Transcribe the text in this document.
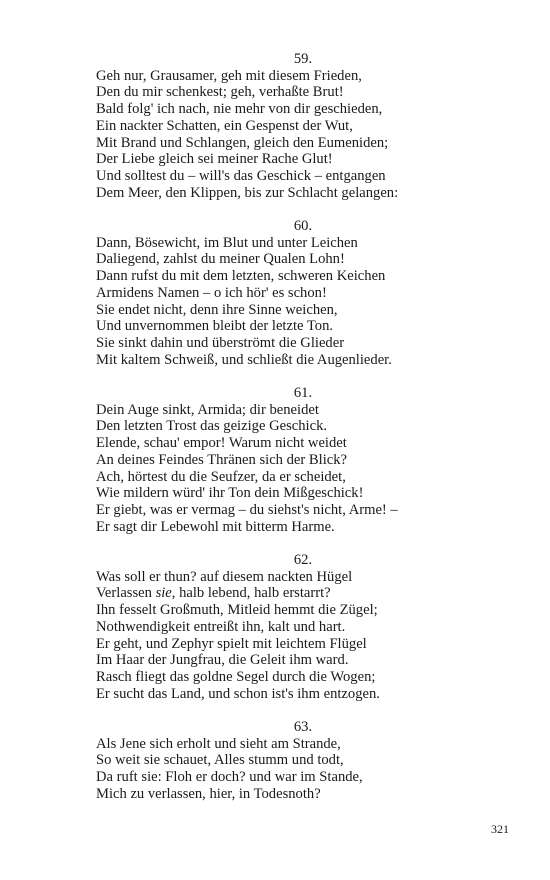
59.
Geh nur, Grausamer, geh mit diesem Frieden,
Den du mir schenkest; geh, verhaßte Brut!
Bald folg' ich nach, nie mehr von dir geschieden,
Ein nackter Schatten, ein Gespenst der Wut,
Mit Brand und Schlangen, gleich den Eumeniden;
Der Liebe gleich sei meiner Rache Glut!
Und solltest du – will's das Geschick – entgangen
Dem Meer, den Klippen, bis zur Schlacht gelangen:
60.
Dann, Bösewicht, im Blut und unter Leichen
Daliegend, zahlst du meiner Qualen Lohn!
Dann rufst du mit dem letzten, schweren Keichen
Armidens Namen – o ich hör' es schon!
Sie endet nicht, denn ihre Sinne weichen,
Und unvernommen bleibt der letzte Ton.
Sie sinkt dahin und überströmt die Glieder
Mit kaltem Schweiß, und schließt die Augenlieder.
61.
Dein Auge sinkt, Armida; dir beneidet
Den letzten Trost das geizige Geschick.
Elende, schau' empor! Warum nicht weidet
An deines Feindes Thränen sich der Blick?
Ach, hörtest du die Seufzer, da er scheidet,
Wie mildern würd' ihr Ton dein Mißgeschick!
Er giebt, was er vermag – du siehst's nicht, Arme! –
Er sagt dir Lebewohl mit bitterm Harme.
62.
Was soll er thun? auf diesem nackten Hügel
Verlassen sie, halb lebend, halb erstarrt?
Ihn fesselt Großmuth, Mitleid hemmt die Zügel;
Nothwendigkeit entreißt ihn, kalt und hart.
Er geht, und Zephyr spielt mit leichtem Flügel
Im Haar der Jungfrau, die Geleit ihm ward.
Rasch fliegt das goldne Segel durch die Wogen;
Er sucht das Land, und schon ist's ihm entzogen.
63.
Als Jene sich erholt und sieht am Strande,
So weit sie schauet, Alles stumm und todt,
Da ruft sie: Floh er doch? und war im Stande,
Mich zu verlassen, hier, in Todesnoth?
321
